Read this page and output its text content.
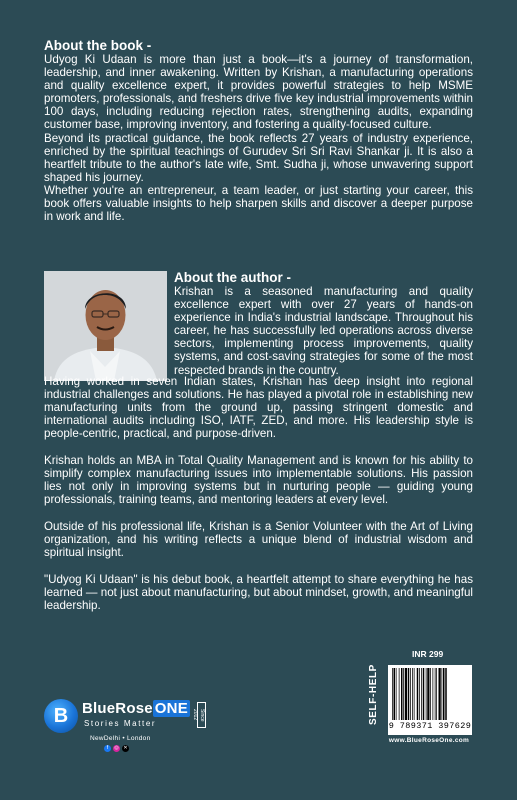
About the book -

Udyog Ki Udaan is more than just a book—it's a journey of transformation, leadership, and inner awakening. Written by Krishan, a manufacturing operations and quality excellence expert, it provides powerful strategies to help MSME promoters, professionals, and freshers drive five key industrial improvements within 100 days, including reducing rejection rates, strengthening audits, expanding customer base, improving inventory, and fostering a quality-focused culture.

Beyond its practical guidance, the book reflects 27 years of industry experience, enriched by the spiritual teachings of Gurudev Sri Sri Ravi Shankar ji. It is also a heartfelt tribute to the author's late wife, Smt. Sudha ji, whose unwavering support shaped his journey.

Whether you're an entrepreneur, a team leader, or just starting your career, this book offers valuable insights to help sharpen skills and discover a deeper purpose in work and life.

About the author -

Krishan is a seasoned manufacturing and quality excellence expert with over 27 years of hands-on experience in India's industrial landscape. Throughout his career, he has successfully led operations across diverse sectors, implementing process improvements, quality systems, and cost-saving strategies for some of the most respected brands in the country.

Having worked in seven Indian states, Krishan has deep insight into regional industrial challenges and solutions. He has played a pivotal role in establishing new manufacturing units from the ground up, passing stringent domestic and international audits including ISO, IATF, ZED, and more. His leadership style is people-centric, practical, and purpose-driven.

Krishan holds an MBA in Total Quality Management and is known for his ability to simplify complex manufacturing issues into implementable solutions. His passion lies not only in improving systems but in nurturing people — guiding young professionals, training teams, and mentoring leaders at every level.

Outside of his professional life, Krishan is a Senior Volunteer with the Art of Living organization, and his writing reflects a unique blend of industrial wisdom and spiritual insight.

"Udyog Ki Udaan" is his debut book, a heartfelt attempt to share everything he has learned — not just about manufacturing, but about mindset, growth, and meaningful leadership.

B BlueRose ONE	Since 2012
Stories Matter
NewDelhi • London
f	◎ ✕
SELF-HELP
INR 299
9 789371 397629
www.BlueRoseOne.com
